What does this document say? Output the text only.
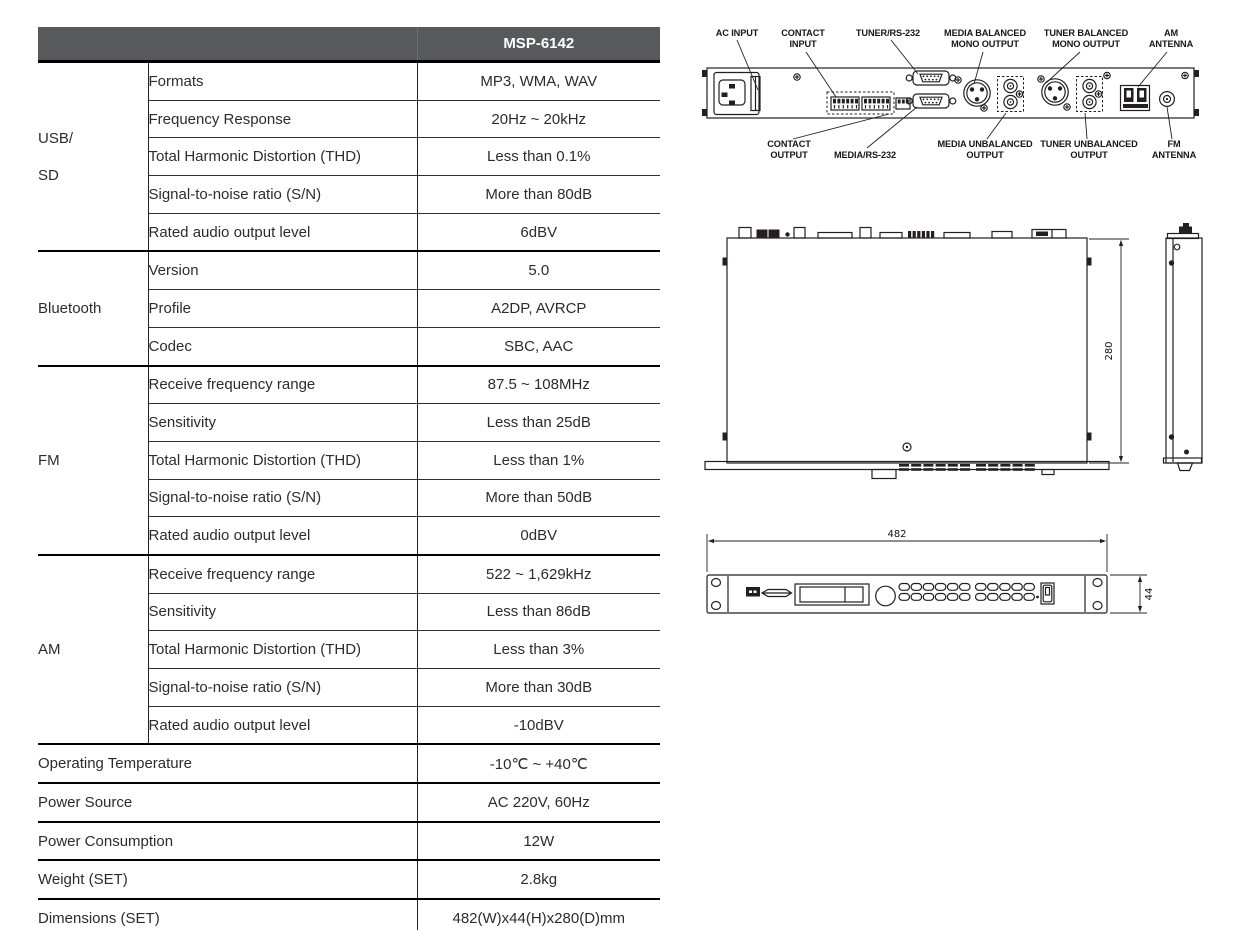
		MSP-6142

USB/
SD	Formats	MP3, WMA, WAV
	Frequency Response	20Hz ~ 20kHz
	Total Harmonic Distortion (THD)	Less than 0.1%
	Signal-to-noise ratio (S/N)	More than 80dB
	Rated audio output level	6dBV

Bluetooth	Version	5.0
	Profile	A2DP, AVRCP
	Codec	SBC, AAC

FM	Receive frequency range	87.5 ~ 108MHz
	Sensitivity	Less than 25dB
	Total Harmonic Distortion (THD)	Less than 1%
	Signal-to-noise ratio (S/N)	More than 50dB
	Rated audio output level	0dBV

AM	Receive frequency range	522 ~ 1,629kHz
	Sensitivity	Less than 86dB
	Total Harmonic Distortion (THD)	Less than 3%
	Signal-to-noise ratio (S/N)	More than 30dB
	Rated audio output level	-10dBV
Operating Temperature		-10℃ ~ +40℃
Power Source		AC 220V, 60Hz
Power Consumption		12W
Weight (SET)		2.8kg
Dimensions (SET)		482(W)x44(H)x280(D)mm
AC INPUT CONTACT
INPUT
TUNER/RS-232	MEDIA BALANCED
MONO OUTPUT
TUNER BALANCED
MONO OUTPUT
AM
ANTENNA
CONTACT
OUTPUT	MEDIA/RS-232
MEDIA UNBALANCED
OUTPUT
TUNER UNBALANCED
OUTPUT
FM
ANTENNA
280
482
44
